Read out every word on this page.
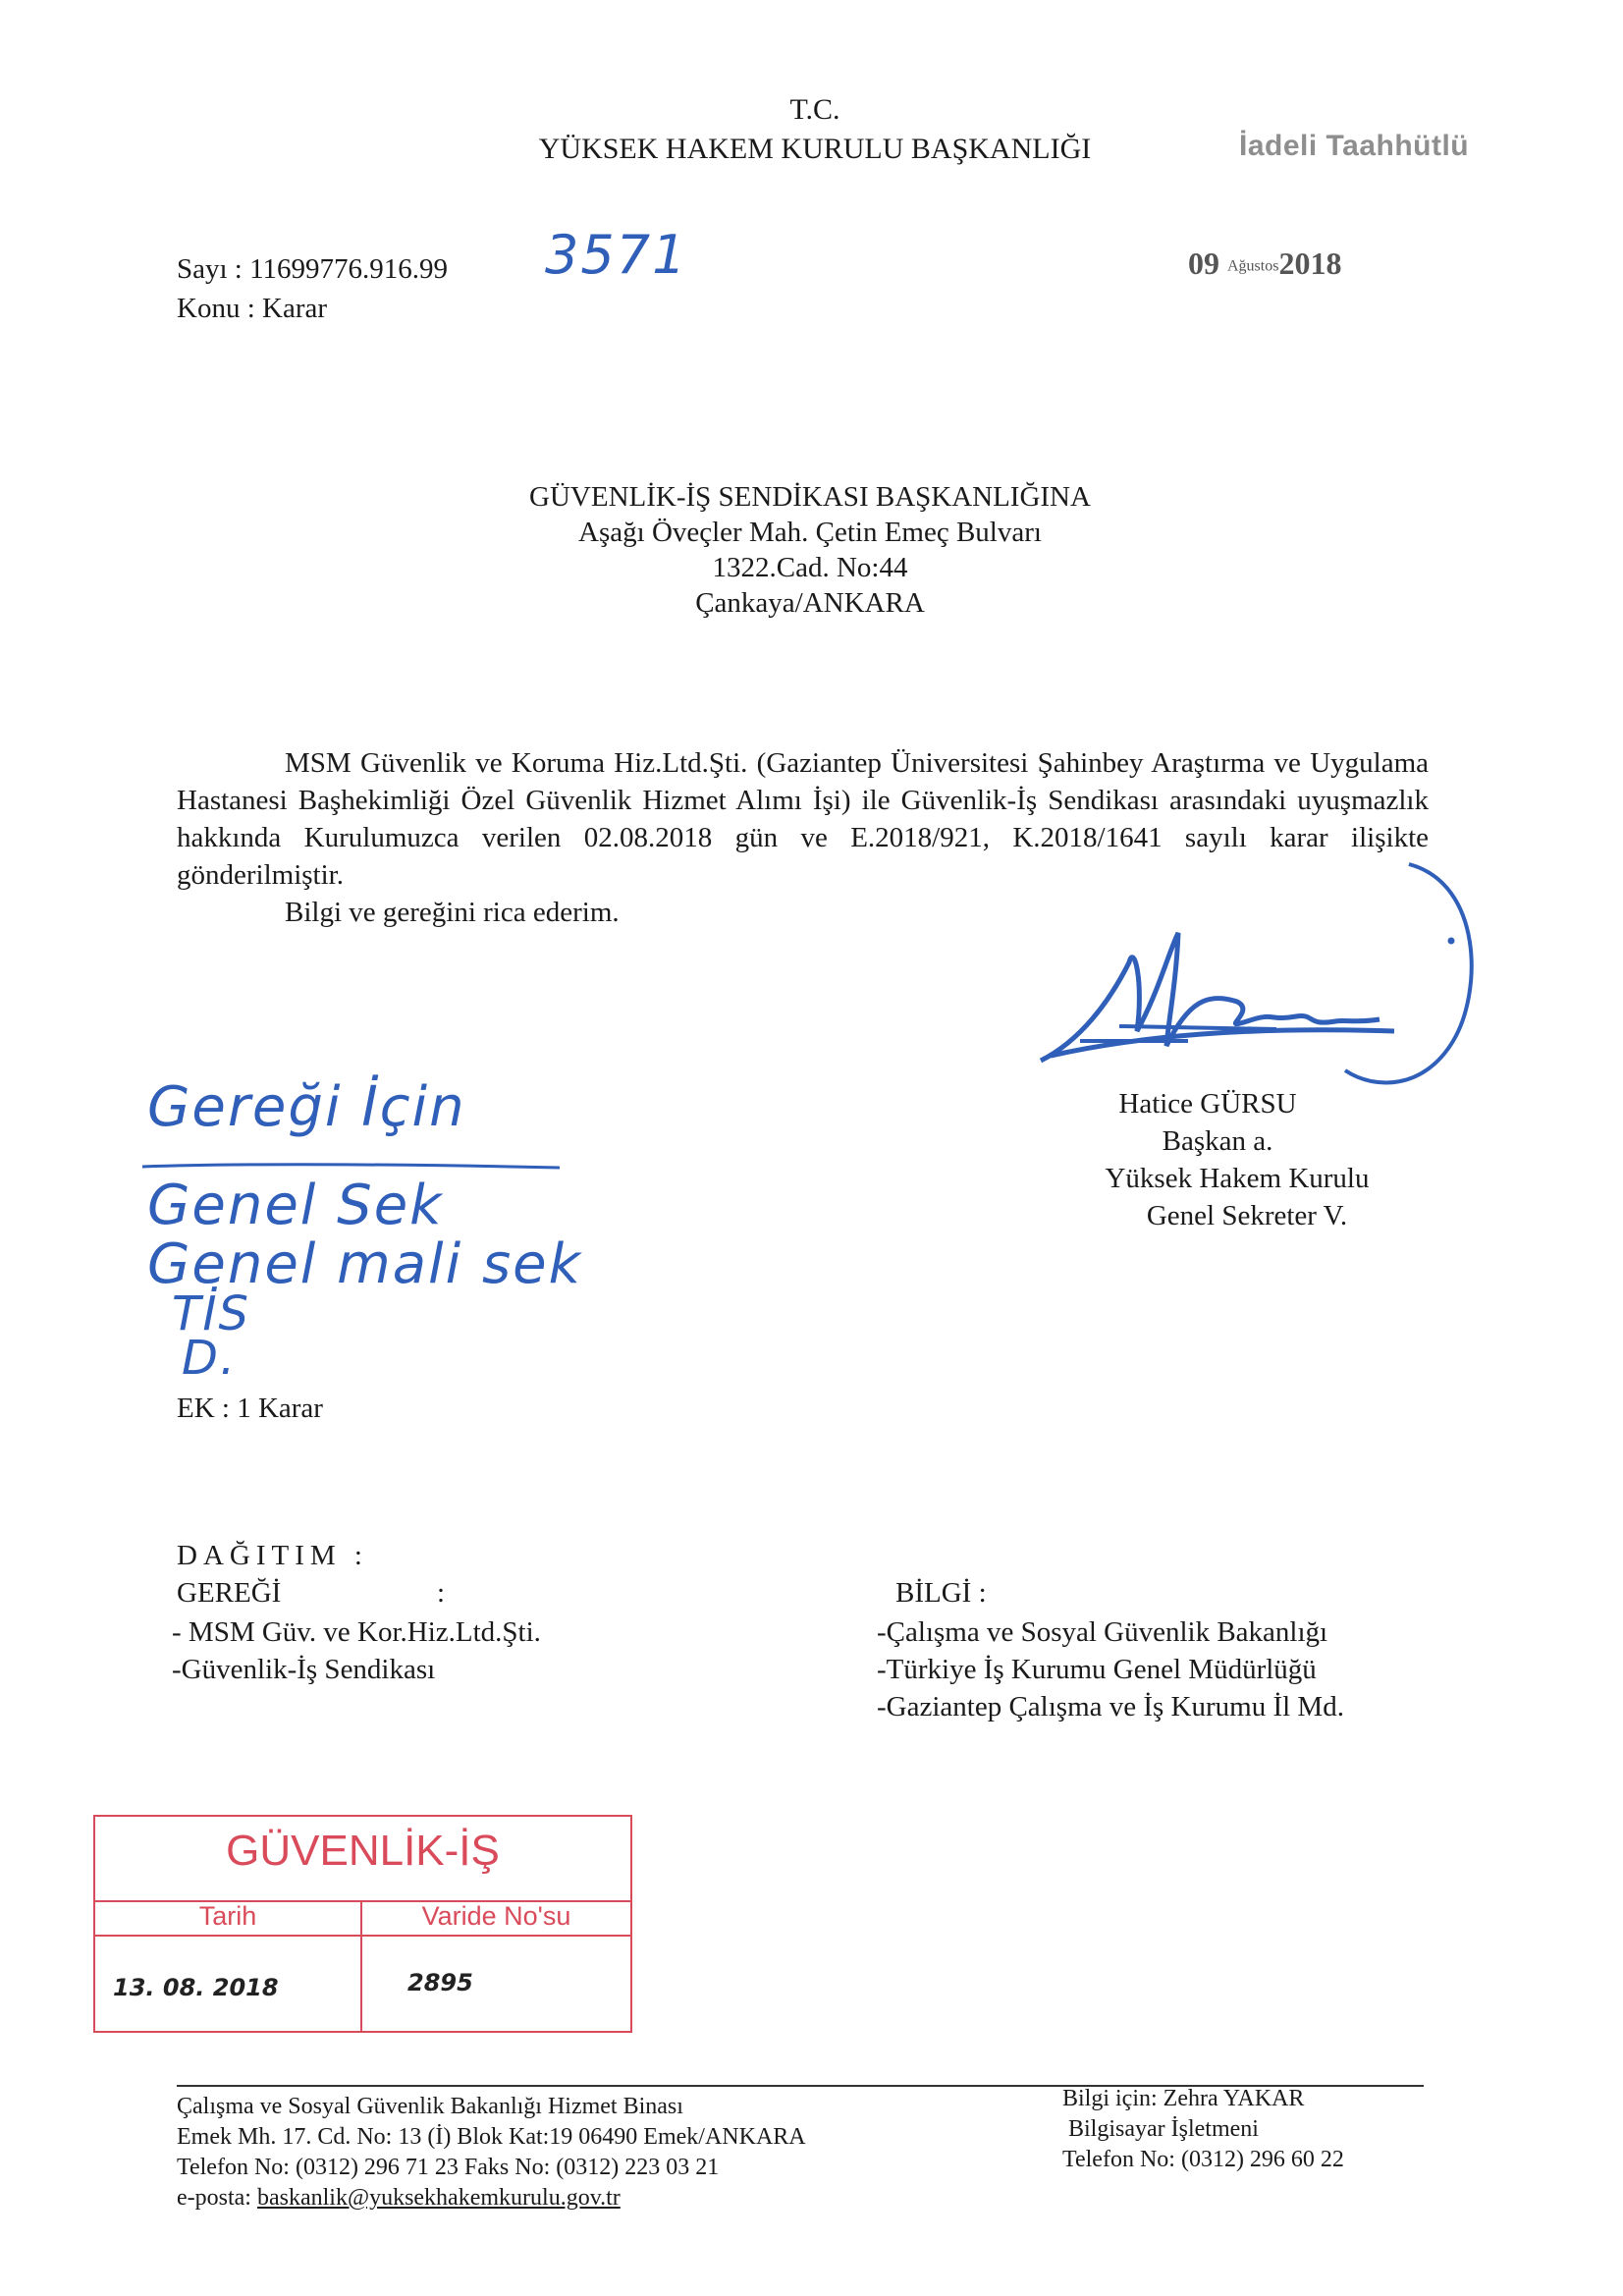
T.C.
YÜKSEK HAKEM KURULU BAŞKANLIĞI	İadeli Taahhütlü
Sayı : 11699776.916.99 3571
Konu : Karar
09 Ağustos2018
GÜVENLİK-İŞ SENDİKASI BAŞKANLIĞINA
Aşağı Öveçler Mah. Çetin Emeç Bulvarı
1322.Cad. No:44
Çankaya/ANKARA
MSM Güvenlik ve Koruma Hiz.Ltd.Şti. (Gaziantep Üniversitesi Şahinbey Araştırma ve Uygulama Hastanesi Başhekimliği Özel Güvenlik Hizmet Alımı İşi) ile Güvenlik-İş Sendikası arasındaki uyuşmazlık hakkında Kurulumuzca verilen 02.08.2018 gün ve E.2018/921, K.2018/1641 sayılı karar ilişikte gönderilmiştir.
Bilgi ve gereğini rica ederim.
Hatice GÜRSU
Başkan a.
Yüksek Hakem Kurulu
Genel Sekreter V.
Gereği İçin
Genel Sek
Genel mali sek
TİS
D.
EK : 1 Karar
DAĞITIM :
GEREĞİ	:
- MSM Güv. ve Kor.Hiz.Ltd.Şti.
-Güvenlik-İş Sendikası
BİLGİ :
-Çalışma ve Sosyal Güvenlik Bakanlığı
-Türkiye İş Kurumu Genel Müdürlüğü
-Gaziantep Çalışma ve İş Kurumu İl Md.
GÜVENLİK-İŞ
Tarih	Varide No'su
13. 08. 2018	2895
Çalışma ve Sosyal Güvenlik Bakanlığı Hizmet Binası
Emek Mh. 17. Cd. No: 13 (İ) Blok Kat:19 06490 Emek/ANKARA
Telefon No: (0312) 296 71 23 Faks No: (0312) 223 03 21
e-posta: baskanlik@yuksekhakemkurulu.gov.tr
Bilgi için: Zehra YAKAR
Bilgisayar İşletmeni
Telefon No: (0312) 296 60 22
